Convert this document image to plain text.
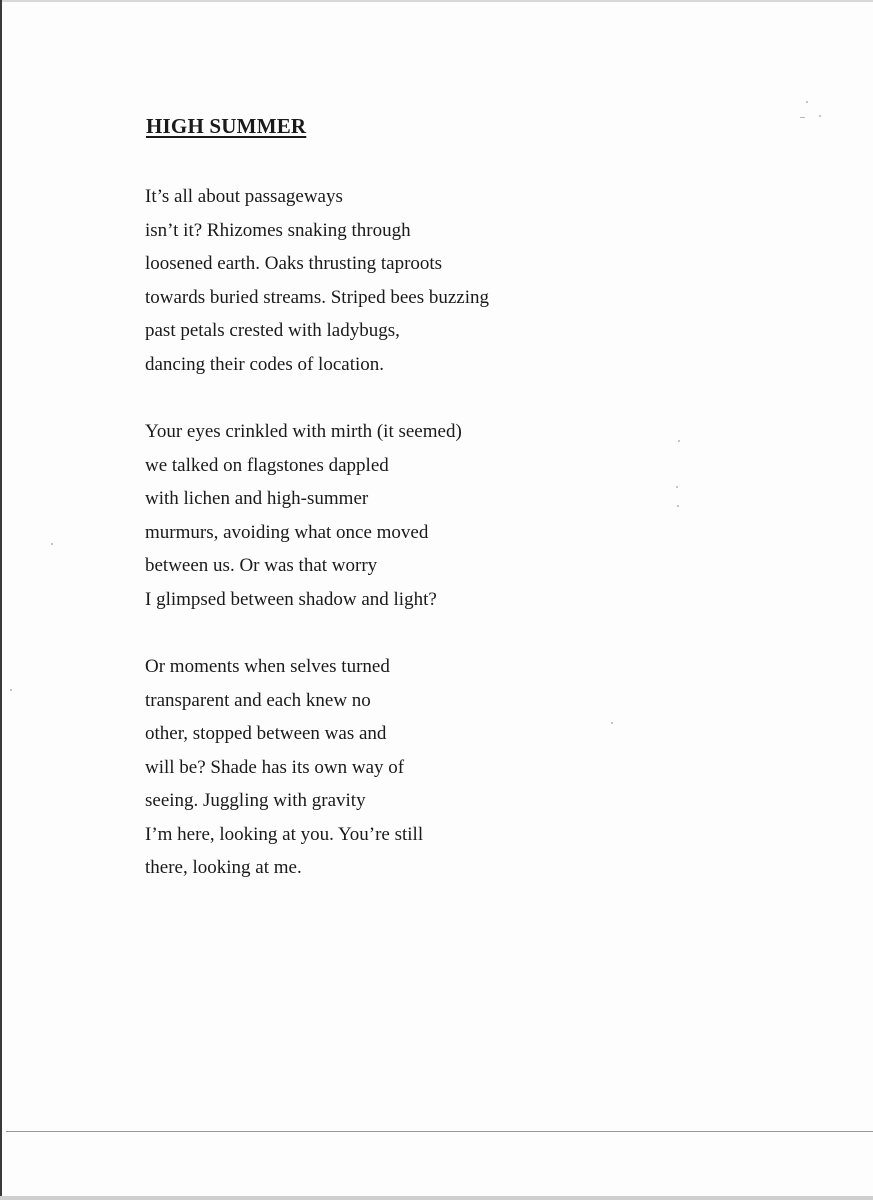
HIGH SUMMER
It’s all about passageways
isn’t it? Rhizomes snaking through
loosened earth. Oaks thrusting taproots
towards buried streams. Striped bees buzzing
past petals crested with ladybugs,
dancing their codes of location.
Your eyes crinkled with mirth (it seemed)
we talked on flagstones dappled
with lichen and high-summer
murmurs, avoiding what once moved
between us. Or was that worry
I glimpsed between shadow and light?
Or moments when selves turned
transparent and each knew no
other, stopped between was and
will be? Shade has its own way of
seeing. Juggling with gravity
I’m here, looking at you. You’re still
there, looking at me.
